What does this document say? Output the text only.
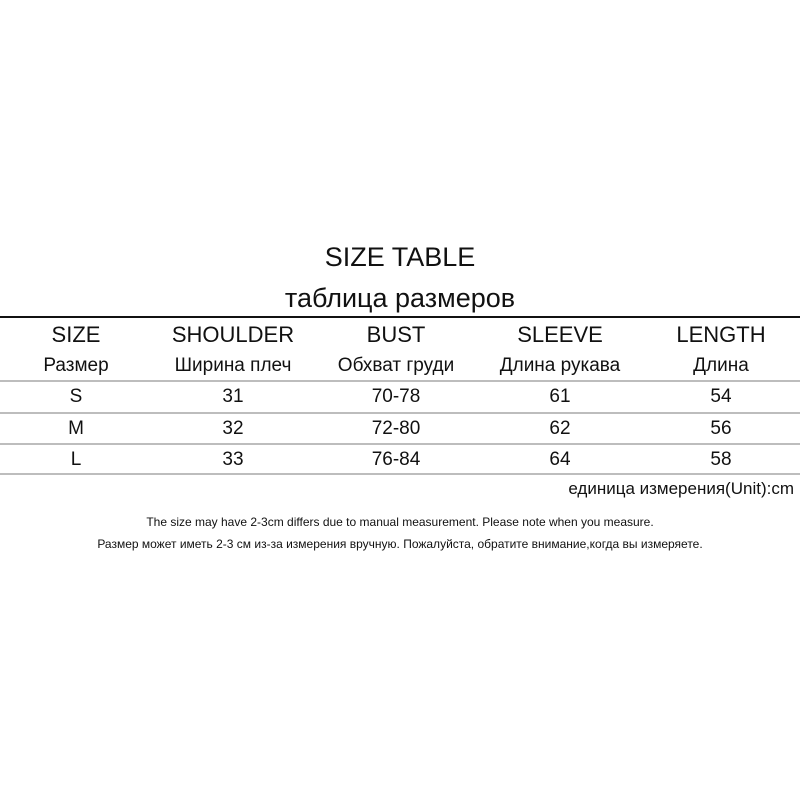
SIZE TABLE
таблица размеров
SIZE	SHOULDER	BUST	SLEEVE	LENGTH
Размер	Ширина плеч	Обхват груди	Длина рукава	Длина
S	31	70-78	61	54
M	32	72-80	62	56
L	33	76-84	64	58
единица измерения(Unit):cm
The size may have 2-3cm differs due to manual measurement. Please note when you measure.
Размер может иметь 2-3 см из-за измерения вручную. Пожалуйста, обратите внимание,когда вы измеряете.
